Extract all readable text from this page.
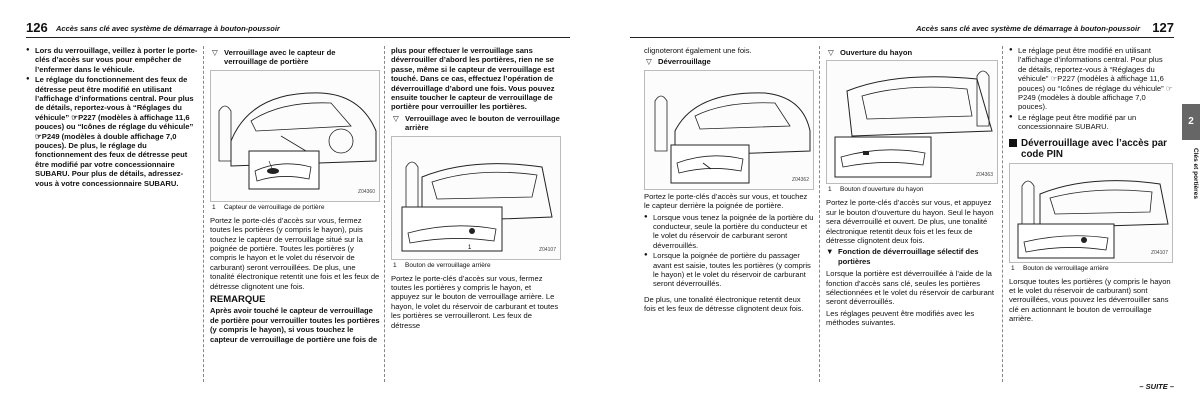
126 Accès sans clé avec système de démarrage à bouton-poussoir
● Lors du verrouillage, veillez à porter le porte-clés d’accès sur vous pour empêcher de l’enfermer dans le véhicule.
● Le réglage du fonctionnement des feux de détresse peut être modifié en utilisant l’affichage d’informations central. Pour plus de détails, reportez-vous à “Réglages du véhicule” ☞P227 (modèles à affichage 11,6 pouces) ou “Icônes de réglage du véhicule” ☞P249 (modèles à double affichage 7,0 pouces). De plus, le réglage du fonctionnement des feux de détresse peut être modifié par votre concessionnaire SUBARU. Pour plus de détails, adressez-vous à votre concessionnaire SUBARU.
▽ Verrouillage avec le capteur de verrouillage de portière
Z04360
1 Capteur de verrouillage de portière

Portez le porte-clés d’accès sur vous, fermez toutes les portières (y compris le hayon), puis touchez le capteur de verrouillage situé sur la poignée de portière. Toutes les portières (y compris le hayon et le volet du réservoir de carburant) seront verrouillées. De plus, une tonalité électronique retentit une fois et les feux de détresse clignotent une fois.

REMARQUE

Après avoir touché le capteur de verrouillage de portière pour verrouiller toutes les portières (y compris le hayon), si vous touchez le capteur de verrouillage de portière une fois de

plus pour effectuer le verrouillage sans déverrouiller d’abord les portières, rien ne se passe, même si le capteur de verrouillage est touché. Dans ce cas, effectuez l’opération de déverrouillage d’abord une fois. Vous pouvez ensuite toucher le capteur de verrouillage de portière pour verrouiller les portières.

▽ Verrouillage avec le bouton de verrouillage arrière
1	Z04107
1 Bouton de verrouillage arrière

Portez le porte-clés d’accès sur vous, fermez toutes les portières y compris le hayon, et appuyez sur le bouton de verrouillage arrière. Le hayon, le volet du réservoir de carburant et toutes les portières se verrouilleront. Les feux de détresse

Accès sans clé avec système de démarrage à bouton-poussoir 127
2
Clés et portières

clignoteront également une fois.

▽ Déverrouillage
Z04362

Portez le porte-clés d’accès sur vous, et touchez le capteur derrière la poignée de portière.

● Lorsque vous tenez la poignée de la portière du conducteur, seule la portière du conducteur et le volet du réservoir de carburant seront déverrouillés.
● Lorsque la poignée de portière du passager avant est saisie, toutes les portières (y compris le hayon) et le volet du réservoir de carburant seront déverrouillés.

De plus, une tonalité électronique retentit deux fois et les feux de détresse clignotent deux fois.

▽ Ouverture du hayon
Z04363
1 Bouton d’ouverture du hayon

Portez le porte-clés d’accès sur vous, et appuyez sur le bouton d’ouverture du hayon. Seul le hayon sera déverrouillé et ouvert. De plus, une tonalité électronique retentit deux fois et les feux de détresse clignotent deux fois.

▼ Fonction de déverrouillage sélectif des portières

Lorsque la portière est déverrouillée à l’aide de la fonction d’accès sans clé, seules les portières sélectionnées et le volet du réservoir de carburant seront déverrouillés.

Les réglages peuvent être modifiés avec les méthodes suivantes.

● Le réglage peut être modifié en utilisant l’affichage d’informations central. Pour plus de détails, reportez-vous à “Réglages du véhicule” ☞P227 (modèles à affichage 11,6 pouces) ou “Icônes de réglage du véhicule” ☞P249 (modèles à double affichage 7,0 pouces).
● Le réglage peut être modifié par un concessionnaire SUBARU.
Déverrouillage avec l’accès par code PIN
Z04107
1 Bouton de verrouillage arrière

Lorsque toutes les portières (y compris le hayon et le volet du réservoir de carburant) sont verrouillées, vous pouvez les déverrouiller sans clé en actionnant le bouton de verrouillage arrière.

– SUITE –
